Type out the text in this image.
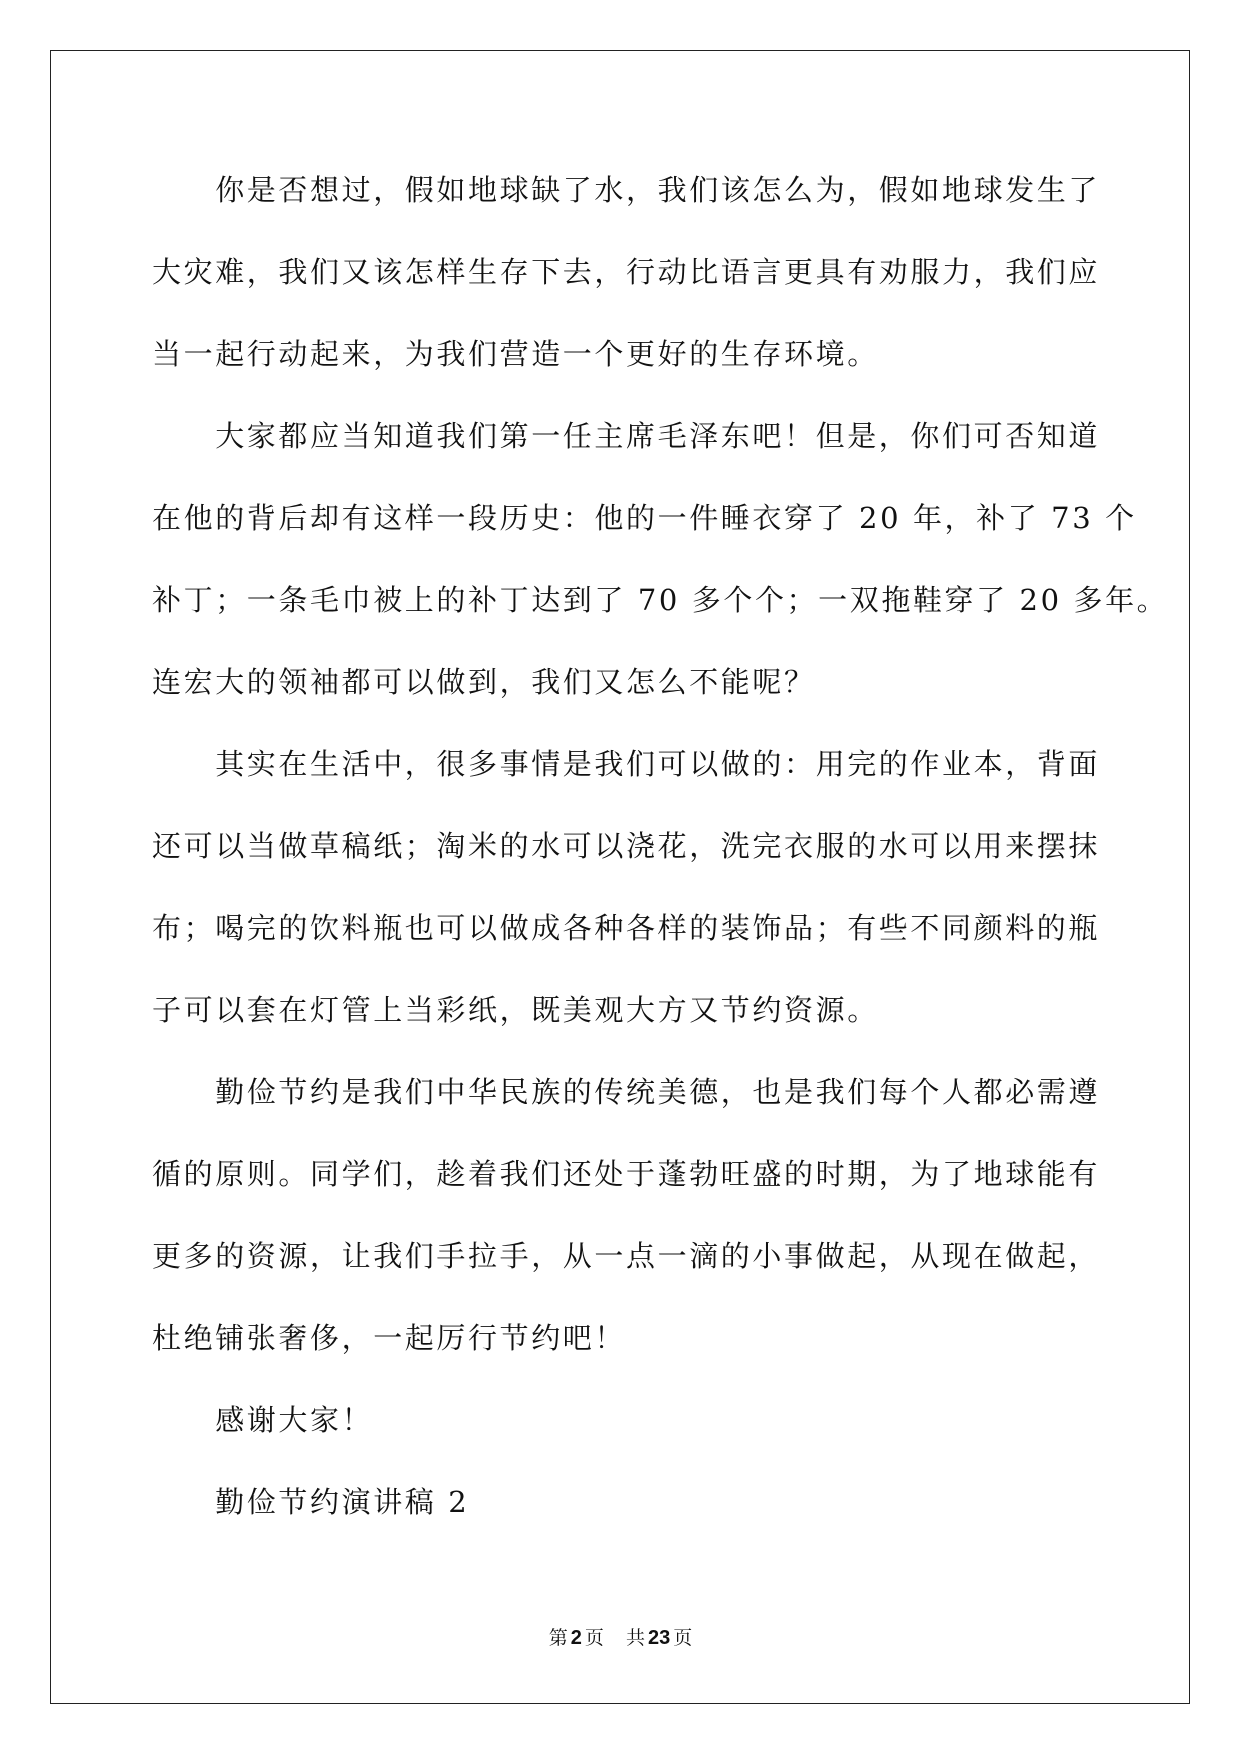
　　你是否想过，假如地球缺了水，我们该怎么为，假如地球发生了

大灾难，我们又该怎样生存下去，行动比语言更具有劝服力，我们应

当一起行动起来，为我们营造一个更好的生存环境。

　　大家都应当知道我们第一任主席毛泽东吧！但是，你们可否知道

在他的背后却有这样一段历史：他的一件睡衣穿了 20 年，补了 73 个

补丁；一条毛巾被上的补丁达到了 70 多个个；一双拖鞋穿了 20 多年。

连宏大的领袖都可以做到，我们又怎么不能呢？

　　其实在生活中，很多事情是我们可以做的：用完的作业本，背面

还可以当做草稿纸；淘米的水可以浇花，洗完衣服的水可以用来摆抹

布；喝完的饮料瓶也可以做成各种各样的装饰品；有些不同颜料的瓶

子可以套在灯管上当彩纸，既美观大方又节约资源。

　　勤俭节约是我们中华民族的传统美德，也是我们每个人都必需遵

循的原则。同学们，趁着我们还处于蓬勃旺盛的时期，为了地球能有

更多的资源，让我们手拉手，从一点一滴的小事做起，从现在做起，

杜绝铺张奢侈，一起厉行节约吧！

　　感谢大家！

　　勤俭节约演讲稿 2

第 2 页 共 23 页
